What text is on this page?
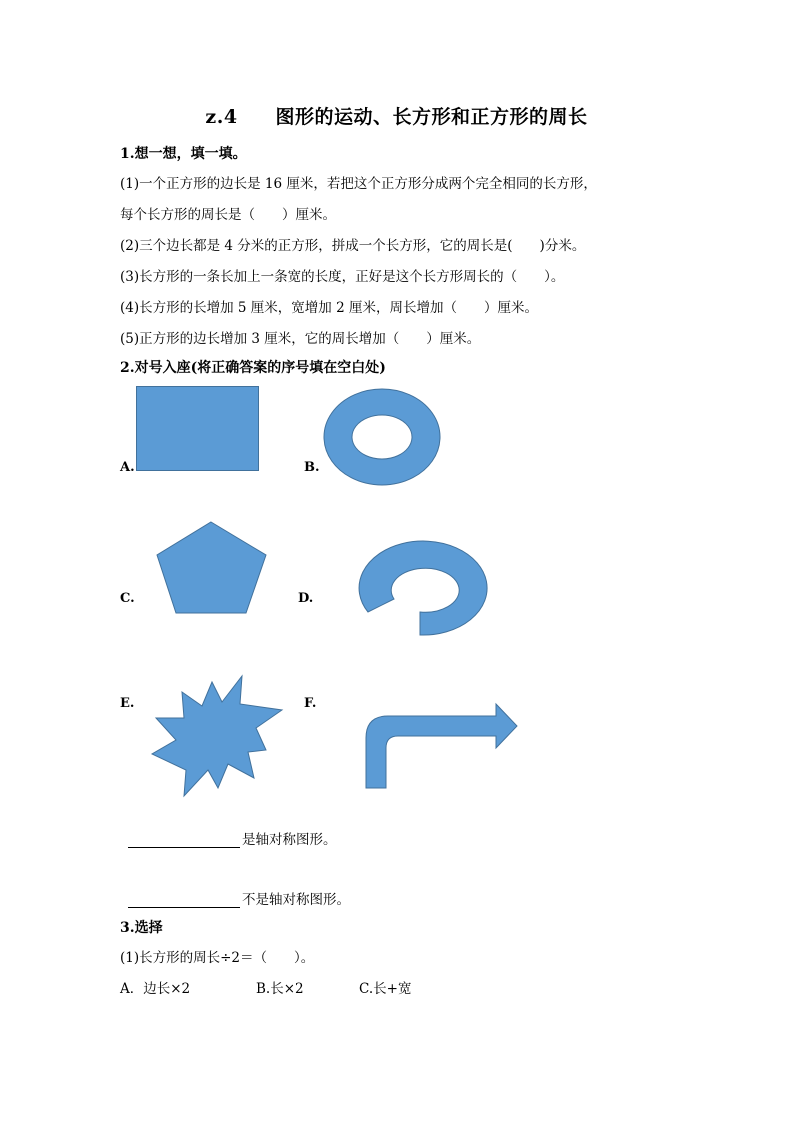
z.4 图形的运动、长方形和正方形的周长
1.想一想，填一填。
(1)一个正方形的边长是 16 厘米，若把这个正方形分成两个完全相同的长方形，
每个长方形的周长是（　　）厘米。
(2)三个边长都是 4 分米的正方形，拼成一个长方形，它的周长是(　　)分米。
(3)长方形的一条长加上一条宽的长度，正好是这个长方形周长的（　　）。
(4)长方形的长增加 5 厘米，宽增加 2 厘米，周长增加（　　）厘米。
(5)正方形的边长增加 3 厘米，它的周长增加（　　）厘米。
2.对号入座(将正确答案的序号填在空白处)
A.	B.
C.	D.
E.	F.
是轴对称图形。
不是轴对称图形。
3.选择
(1)长方形的周长÷2＝（　　）。
A．边长×2	B.长×2	C.长+宽
